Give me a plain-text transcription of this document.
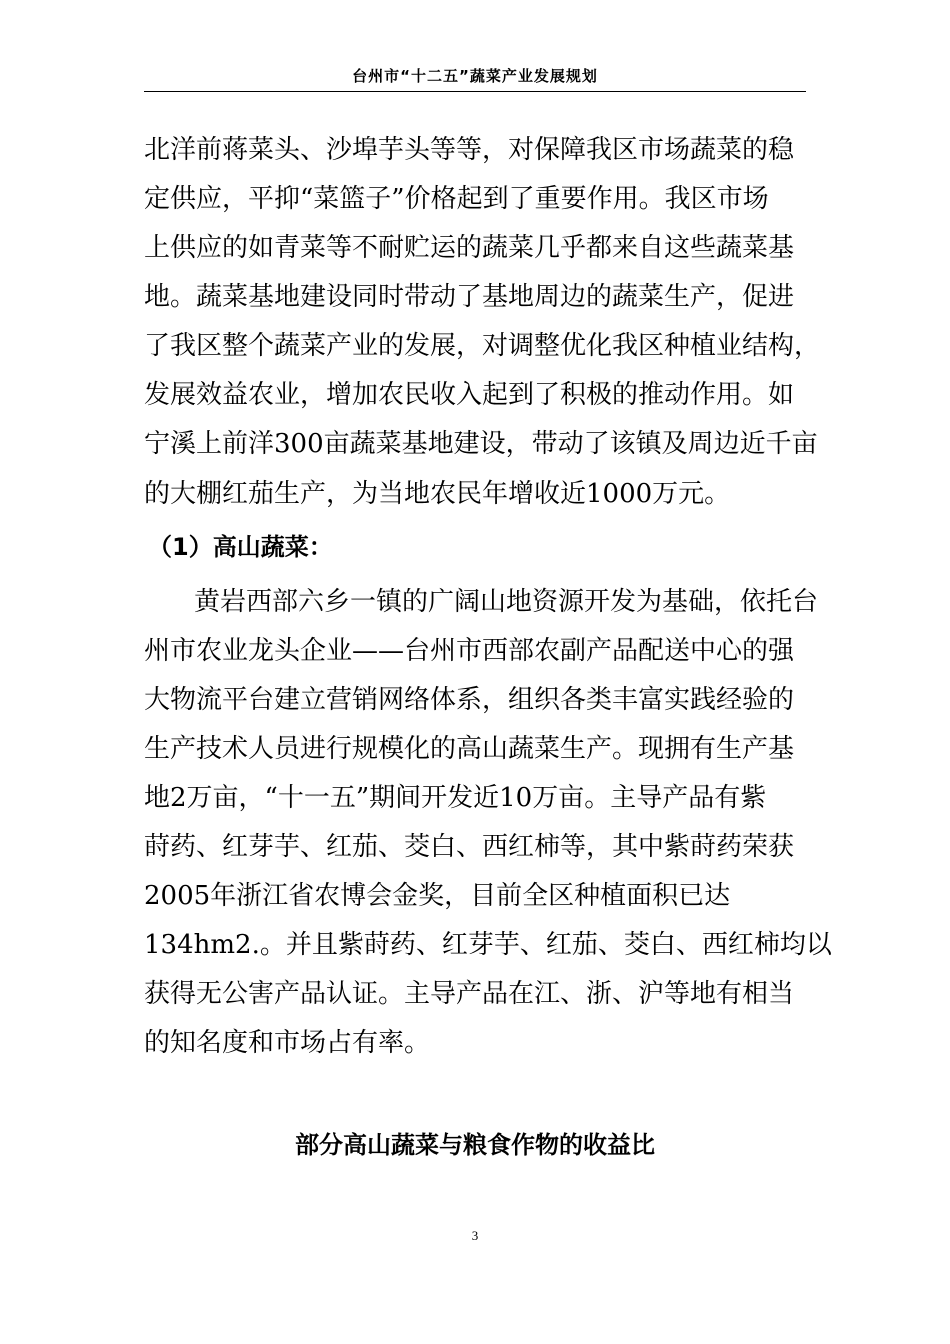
台州市“十二五”蔬菜产业发展规划
北洋前蒋菜头、沙埠芋头等等，对保障我区市场蔬菜的稳
定供应，平抑“菜篮子”价格起到了重要作用。我区市场
上供应的如青菜等不耐贮运的蔬菜几乎都来自这些蔬菜基
地。蔬菜基地建设同时带动了基地周边的蔬菜生产，促进
了我区整个蔬菜产业的发展，对调整优化我区种植业结构，
发展效益农业，增加农民收入起到了积极的推动作用。如
宁溪上前洋300亩蔬菜基地建设，带动了该镇及周边近千亩
的大棚红茄生产，为当地农民年增收近1000万元。
（1）高山蔬菜：
　黄岩西部六乡一镇的广阔山地资源开发为基础，依托台
州市农业龙头企业——台州市西部农副产品配送中心的强
大物流平台建立营销网络体系，组织各类丰富实践经验的
生产技术人员进行规模化的高山蔬菜生产。现拥有生产基
地2万亩，“十一五”期间开发近10万亩。主导产品有紫
莳药、红芽芋、红茄、茭白、西红柿等，其中紫莳药荣获
2005年浙江省农博会金奖，目前全区种植面积已达
134hm2.。并且紫莳药、红芽芋、红茄、茭白、西红柿均以
获得无公害产品认证。主导产品在江、浙、沪等地有相当
的知名度和市场占有率。
部分高山蔬菜与粮食作物的收益比
3
